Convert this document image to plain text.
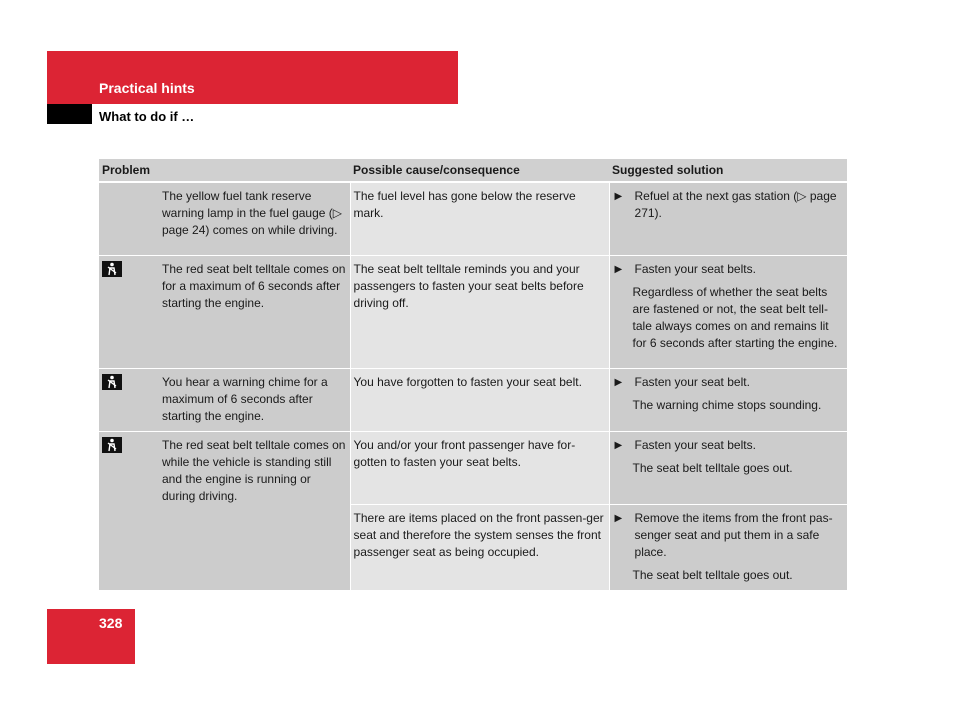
Practical hints
What to do if …
Problem		Possible cause/consequence	Suggested solution

	The yellow fuel tank reserve warning lamp in the fuel gauge (▷ page 24) comes on while driving.	The fuel level has gone below the reserve mark.	▶ Refuel at the next gas station (▷ page 271).

The red seat belt telltale comes on for a maximum of 6 seconds after starting the engine.	The seat belt telltale reminds you and your passengers to fasten your seat belts before driving off.	▶ Fasten your seat belts.
Regardless of whether the seat belts are fastened or not, the seat belt tell-tale always comes on and remains lit for 6 seconds after starting the engine.

You hear a warning chime for a maximum of 6 seconds after starting the engine.	You have forgotten to fasten your seat belt.	▶ Fasten your seat belt.
The warning chime stops sounding.

The red seat belt telltale comes on while the vehicle is standing still and the engine is running or during driving.	You and/or your front passenger have for-gotten to fasten your seat belts.	▶ Fasten your seat belts.
The seat belt telltale goes out.

		There are items placed on the front passen-ger seat and therefore the system senses the front passenger seat as being occupied.	▶ Remove the items from the front pas-senger seat and put them in a safe place.
The seat belt telltale goes out.
328
